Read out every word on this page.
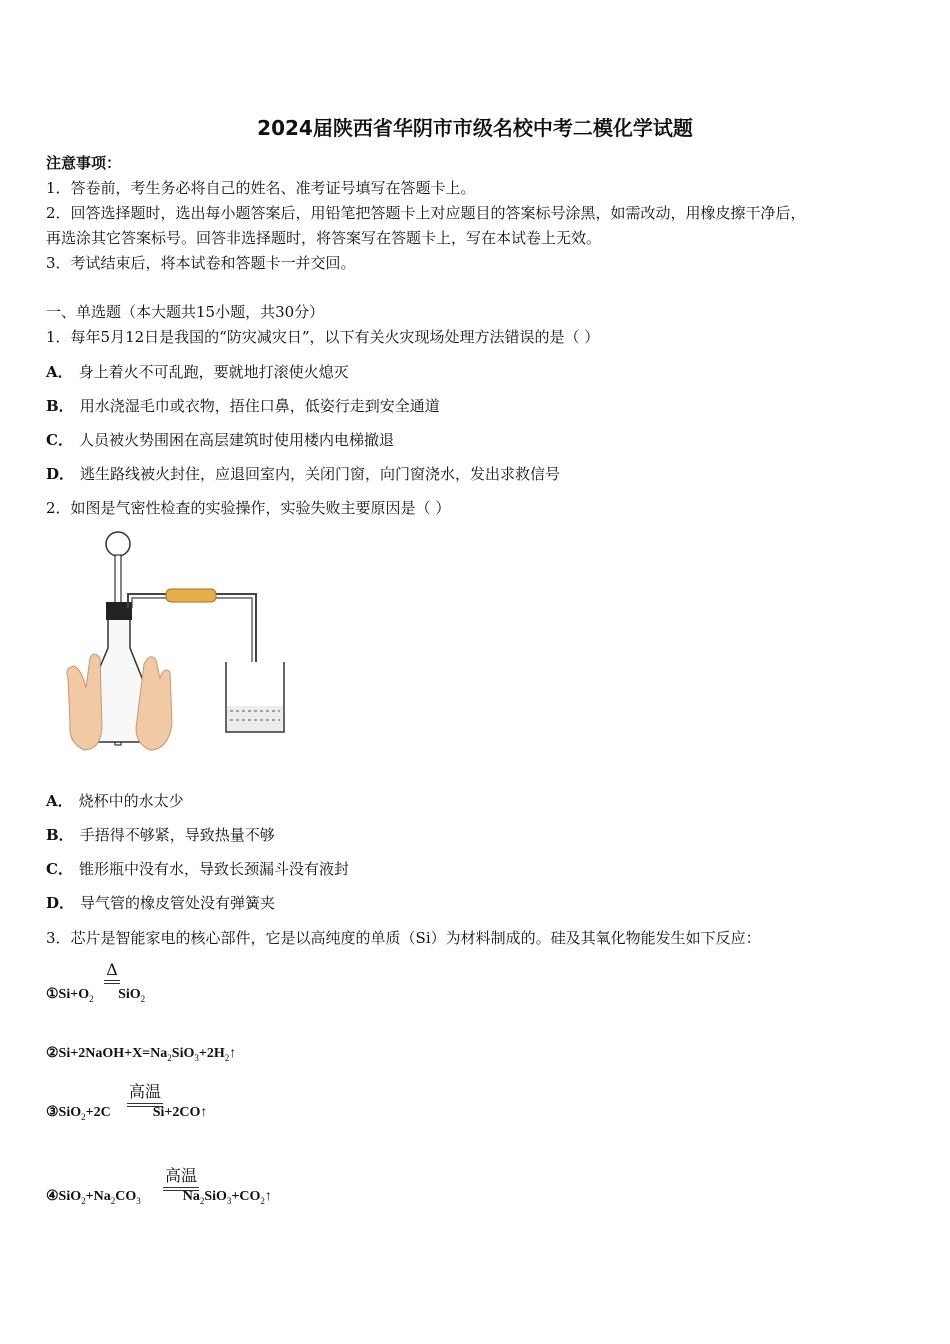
2024届陕西省华阴市市级名校中考二模化学试题
注意事项：
1．答卷前，考生务必将自己的姓名、准考证号填写在答题卡上。
2．回答选择题时，选出每小题答案后，用铅笔把答题卡上对应题目的答案标号涂黑，如需改动，用橡皮擦干净后，
再选涂其它答案标号。回答非选择题时，将答案写在答题卡上，写在本试卷上无效。
3．考试结束后，将本试卷和答题卡一并交回。
一、单选题（本大题共15小题，共30分）
1．每年5月12日是我国的“防灾减灾日”，以下有关火灾现场处理方法错误的是（ ）
A． 身上着火不可乱跑，要就地打滚使火熄灭
B． 用水浇湿毛巾或衣物，捂住口鼻，低姿行走到安全通道
C． 人员被火势围困在高层建筑时使用楼内电梯撤退
D． 逃生路线被火封住，应退回室内，关闭门窗，向门窗浇水，发出求救信号
2．如图是气密性检查的实验操作，实验失败主要原因是（ ）
A． 烧杯中的水太少
B． 手捂得不够紧，导致热量不够
C． 锥形瓶中没有水，导致长颈漏斗没有液封
D． 导气管的橡皮管处没有弹簧夹
3．芯片是智能家电的核心部件，它是以高纯度的单质（Si）为材料制成的。硅及其氧化物能发生如下反应：
Δ
$①Si+O_2$       SiO$_2$
$②Si+2NaOH+X=Na_2SiO_3+2H_2↑$
高温
③SiO$_2$+2C            Si+2CO↑
高温
$④SiO_2+Na_2CO_3$            $Na_2SiO_3+CO_2↑$
